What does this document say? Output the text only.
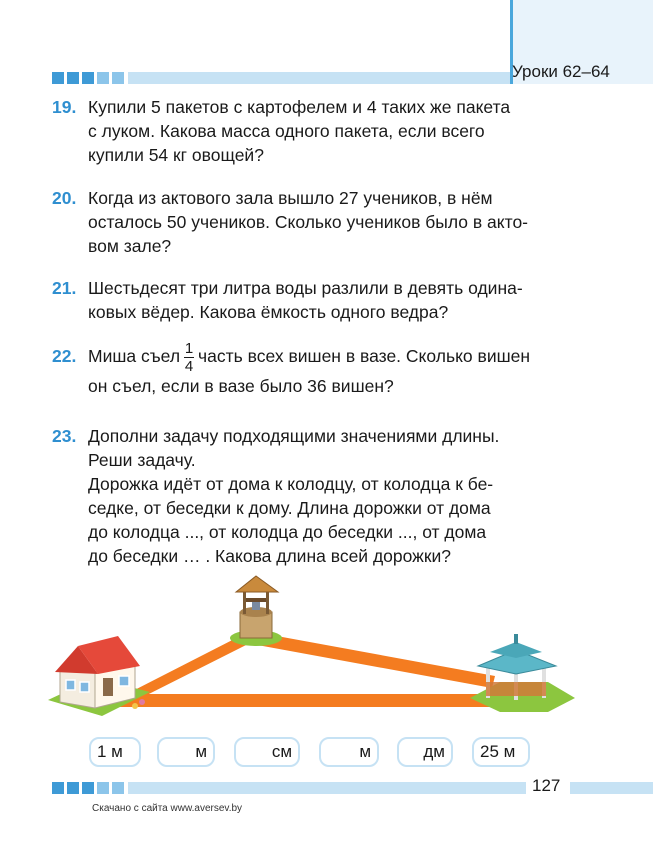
Уроки 62–64
19. Купили 5 пакетов с картофелем и 4 таких же пакета
с луком. Какова масса одного пакета, если всего
купили 54 кг овощей?
20. Когда из актового зала вышло 27 учеников, в нём
осталось 50 учеников. Сколько учеников было в акто-
вом зале?
21. Шестьдесят три литра воды разлили в девять одина-
ковых вёдер. Какова ёмкость одного ведра?
22. Миша съел $\frac{1}{4}$ часть всех вишен в вазе. Сколько вишен
он съел, если в вазе было 36 вишен?
23. Дополни задачу подходящими значениями длины.
Реши задачу.
Дорожка идёт от дома к колодцу, от колодца к бе-
седке, от беседки к дому. Длина дорожки от дома
до колодца ..., от колодца до беседки ..., от дома
до беседки … . Какова длина всей дорожки?
1 м	м	см	м	дм	25 м
127
Скачано с сайта www.aversev.by
